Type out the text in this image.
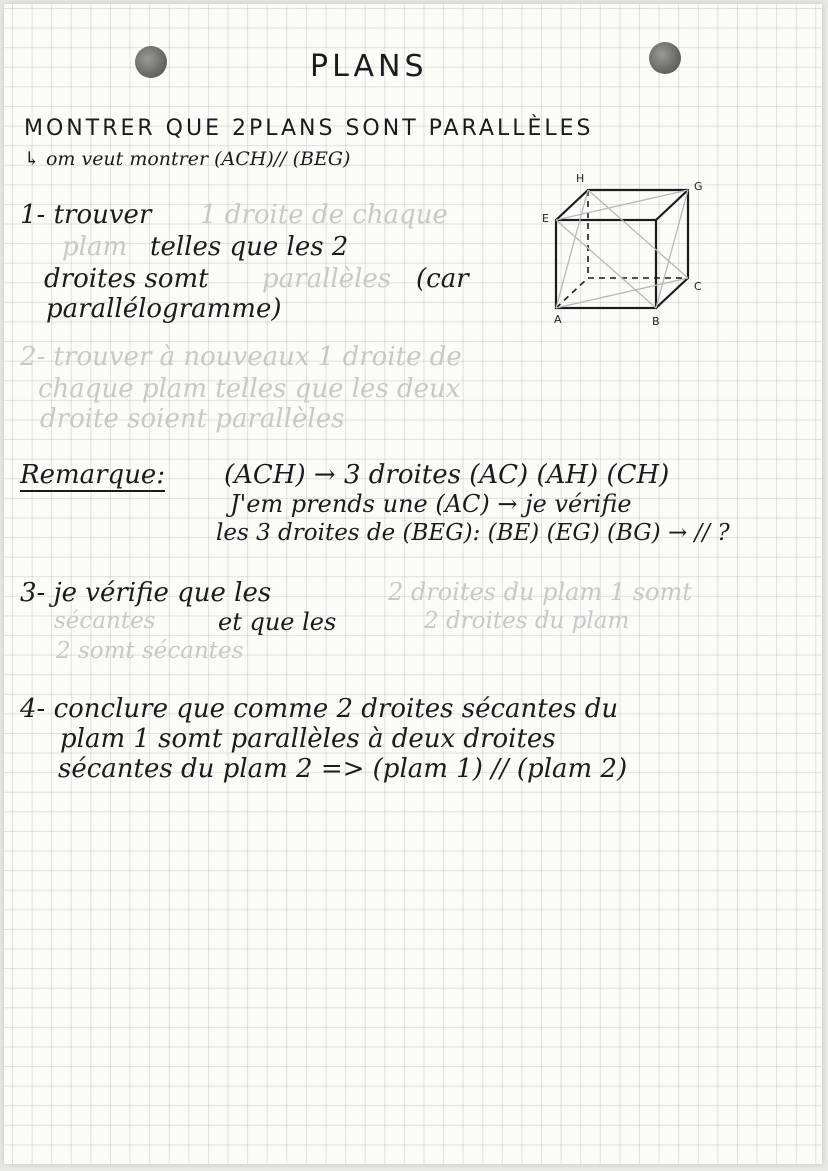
PLANS
MONTRER QUE 2PLANS SONT PARALLÈLES
↳ om veut montrer (ACH)// (BEG)
1- trouver 1 droite de chaque
plam telles que les 2
droites somt parallèles (car
parallélogramme)	A	B
C
E
G
H
2- trouver à nouveaux 1 droite de
chaque plam telles que les deux
droite soient parallèles
Remarque: (ACH) → 3 droites (AC) (AH) (CH)
J'em prends une (AC) → je vérifie
les 3 droites de (BEG): (BE) (EG) (BG) → // ?
3- je vérifie que les	2 droites du plam 1 somt
sécantes	et que les	2 droites du plam
2 somt sécantes
4- conclure que comme 2 droites sécantes du
plam 1 somt parallèles à deux droites
sécantes du plam 2 => (plam 1) // (plam 2)
